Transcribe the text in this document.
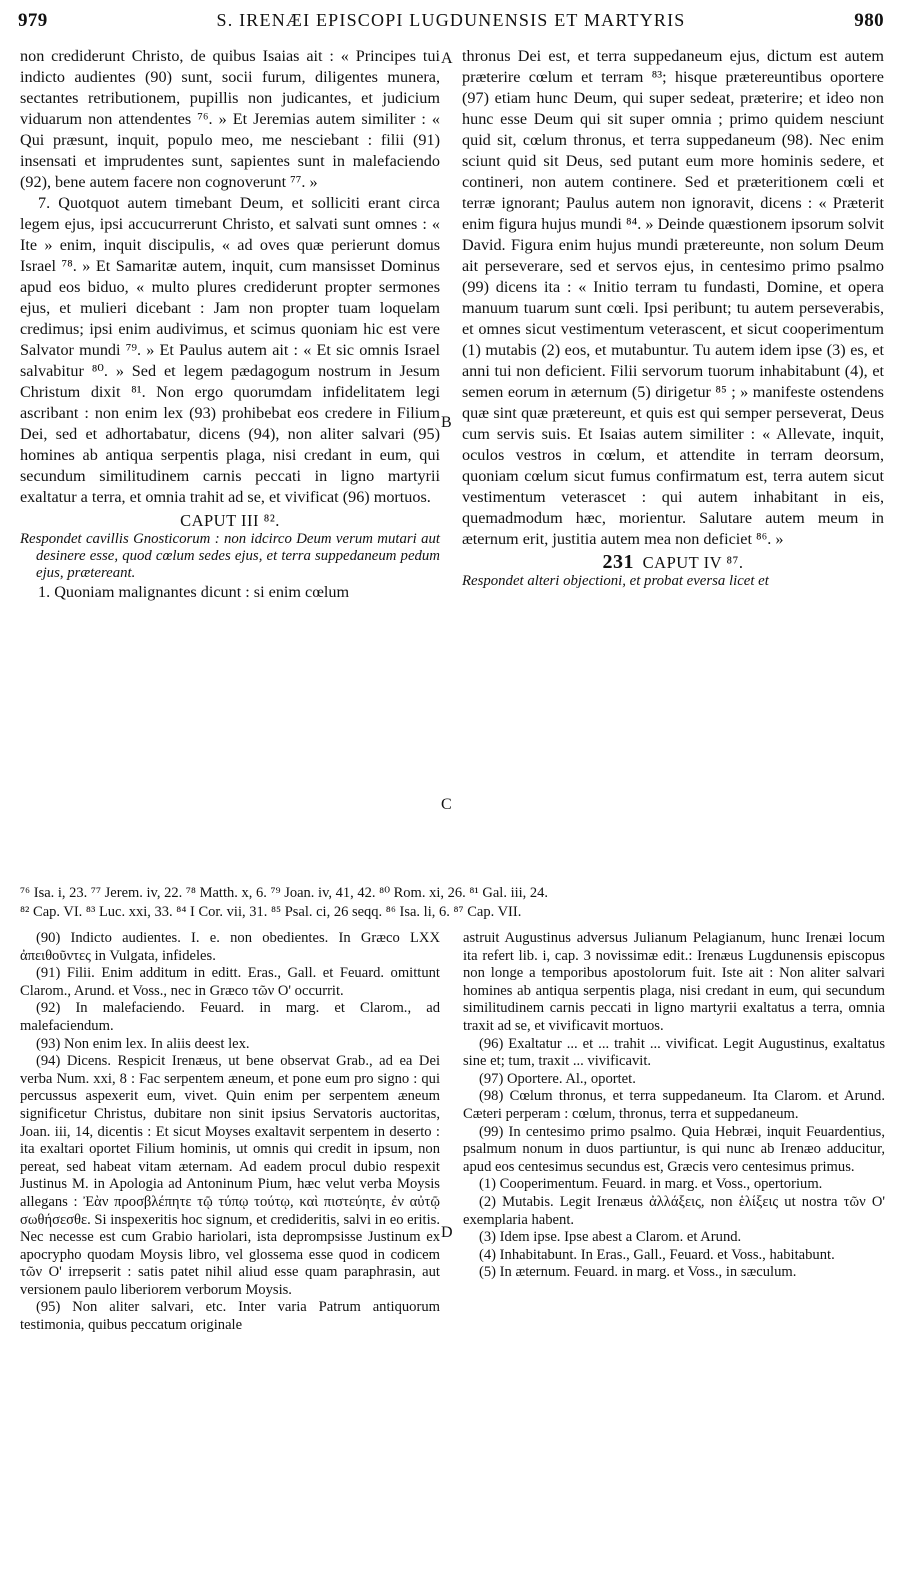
979	S. IRENÆI EPISCOPI LUGDUNENSIS ET MARTYRIS	980
A
B
C
D

non crediderunt Christo, de quibus Isaias ait : « Principes tui indicto audientes (90) sunt, socii furum, diligentes munera, sectantes retributionem, pupillis non judicantes, et judicium viduarum non attendentes ⁷⁶. » Et Jeremias autem similiter : « Qui præsunt, inquit, populo meo, me nesciebant : filii (91) insensati et imprudentes sunt, sapientes sunt in malefaciendo (92), bene autem facere non cognoverunt ⁷⁷. »

7. Quotquot autem timebant Deum, et solliciti erant circa legem ejus, ipsi accucurrerunt Christo, et salvati sunt omnes : « Ite » enim, inquit discipulis, « ad oves quæ perierunt domus Israel ⁷⁸. » Et Samaritæ autem, inquit, cum mansisset Dominus apud eos biduo, « multo plures crediderunt propter sermones ejus, et mulieri dicebant : Jam non propter tuam loquelam credimus; ipsi enim audivimus, et scimus quoniam hic est vere Salvator mundi ⁷⁹. » Et Paulus autem ait : « Et sic omnis Israel salvabitur ⁸⁰. » Sed et legem pædagogum nostrum in Jesum Christum dixit ⁸¹. Non ergo quorumdam infidelitatem legi ascribant : non enim lex (93) prohibebat eos credere in Filium Dei, sed et adhortabatur, dicens (94), non aliter salvari (95) homines ab antiqua serpentis plaga, nisi credant in eum, qui secundum similitudinem carnis peccati in ligno martyrii exaltatur a terra, et omnia trahit ad se, et vivificat (96) mortuos.

CAPUT III ⁸².

Respondet cavillis Gnosticorum : non idcirco Deum verum mutari aut desinere esse, quod cœlum sedes ejus, et terra suppedaneum pedum ejus, prætereant.

1. Quoniam malignantes dicunt : si enim cœlum

thronus Dei est, et terra suppedaneum ejus, dictum est autem præterire cœlum et terram ⁸³; hisque prætereuntibus oportere (97) etiam hunc Deum, qui super sedeat, præterire; et ideo non hunc esse Deum qui sit super omnia ; primo quidem nesciunt quid sit, cœlum thronus, et terra suppedaneum (98). Nec enim sciunt quid sit Deus, sed putant eum more hominis sedere, et contineri, non autem continere. Sed et præteritionem cœli et terræ ignorant; Paulus autem non ignoravit, dicens : « Præterit enim figura hujus mundi ⁸⁴. » Deinde quæstionem ipsorum solvit David. Figura enim hujus mundi prætereunte, non solum Deum ait perseverare, sed et servos ejus, in centesimo primo psalmo (99) dicens ita : « Initio terram tu fundasti, Domine, et opera manuum tuarum sunt cœli. Ipsi peribunt; tu autem perseverabis, et omnes sicut vestimentum veterascent, et sicut cooperimentum (1) mutabis (2) eos, et mutabuntur. Tu autem idem ipse (3) es, et anni tui non deficient. Filii servorum tuorum inhabitabunt (4), et semen eorum in æternum (5) dirigetur ⁸⁵ ; » manifeste ostendens quæ sint quæ prætereunt, et quis est qui semper perseverat, Deus cum servis suis. Et Isaias autem similiter : « Allevate, inquit, oculos vestros in cœlum, et attendite in terram deorsum, quoniam cœlum sicut fumus confirmatum est, terra autem sicut vestimentum veterascet : qui autem inhabitant in eis, quemadmodum hæc, morientur. Salutare autem meum in æternum erit, justitia autem mea non deficiet ⁸⁶. »

231 CAPUT IV ⁸⁷.

Respondet alteri objectioni, et probat eversa licet et

⁷⁶ Isa. i, 23. ⁷⁷ Jerem. iv, 22. ⁷⁸ Matth. x, 6. ⁷⁹ Joan. iv, 41, 42. ⁸⁰ Rom. xi, 26. ⁸¹ Gal. iii, 24.
⁸² Cap. VI. ⁸³ Luc. xxi, 33. ⁸⁴ I Cor. vii, 31. ⁸⁵ Psal. ci, 26 seqq. ⁸⁶ Isa. li, 6. ⁸⁷ Cap. VII.

(90) Indicto audientes. I. e. non obedientes. In Græco LXX ἀπειθοῦντες in Vulgata, infideles.

(91) Filii. Enim additum in editt. Eras., Gall. et Feuard. omittunt Clarom., Arund. et Voss., nec in Græco τῶν Ο' occurrit.

(92) In malefaciendo. Feuard. in marg. et Clarom., ad malefaciendum.

(93) Non enim lex. In aliis deest lex.

(94) Dicens. Respicit Irenæus, ut bene observat Grab., ad ea Dei verba Num. xxi, 8 : Fac serpentem æneum, et pone eum pro signo : qui percussus aspexerit eum, vivet. Quin enim per serpentem æneum significetur Christus, dubitare non sinit ipsius Servatoris auctoritas, Joan. iii, 14, dicentis : Et sicut Moyses exaltavit serpentem in deserto : ita exaltari oportet Filium hominis, ut omnis qui credit in ipsum, non pereat, sed habeat vitam æternam. Ad eadem procul dubio respexit Justinus M. in Apologia ad Antoninum Pium, hæc velut verba Moysis allegans : Ἐὰν προσβλέπητε τῷ τύπῳ τούτῳ, καὶ πιστεύητε, ἐν αὐτῷ σωθήσεσθε. Si inspexeritis hoc signum, et credideritis, salvi in eo eritis. Nec necesse est cum Grabio hariolari, ista deprompsisse Justinum ex apocrypho quodam Moysis libro, vel glossema esse quod in codicem τῶν Ο' irrepserit : satis patet nihil aliud esse quam paraphrasin, aut versionem paulo liberiorem verborum Moysis.

(95) Non aliter salvari, etc. Inter varia Patrum antiquorum testimonia, quibus peccatum originale

astruit Augustinus adversus Julianum Pelagianum, hunc Irenæi locum ita refert lib. i, cap. 3 novissimæ edit.: Irenæus Lugdunensis episcopus non longe a temporibus apostolorum fuit. Iste ait : Non aliter salvari homines ab antiqua serpentis plaga, nisi credant in eum, qui secundum similitudinem carnis peccati in ligno martyrii exaltatus a terra, omnia traxit ad se, et vivificavit mortuos.

(96) Exaltatur ... et ... trahit ... vivificat. Legit Augustinus, exaltatus sine et; tum, traxit ... vivificavit.

(97) Oportere. Al., oportet.

(98) Cœlum thronus, et terra suppedaneum. Ita Clarom. et Arund. Cæteri perperam : cœlum, thronus, terra et suppedaneum.

(99) In centesimo primo psalmo. Quia Hebræi, inquit Feuardentius, psalmum nonum in duos partiuntur, is qui nunc ab Irenæo adducitur, apud eos centesimus secundus est, Græcis vero centesimus primus.

(1) Cooperimentum. Feuard. in marg. et Voss., opertorium.

(2) Mutabis. Legit Irenæus ἀλλάξεις, non ἑλίξεις ut nostra τῶν Ο' exemplaria habent.

(3) Idem ipse. Ipse abest a Clarom. et Arund.

(4) Inhabitabunt. In Eras., Gall., Feuard. et Voss., habitabunt.

(5) In æternum. Feuard. in marg. et Voss., in sæculum.
